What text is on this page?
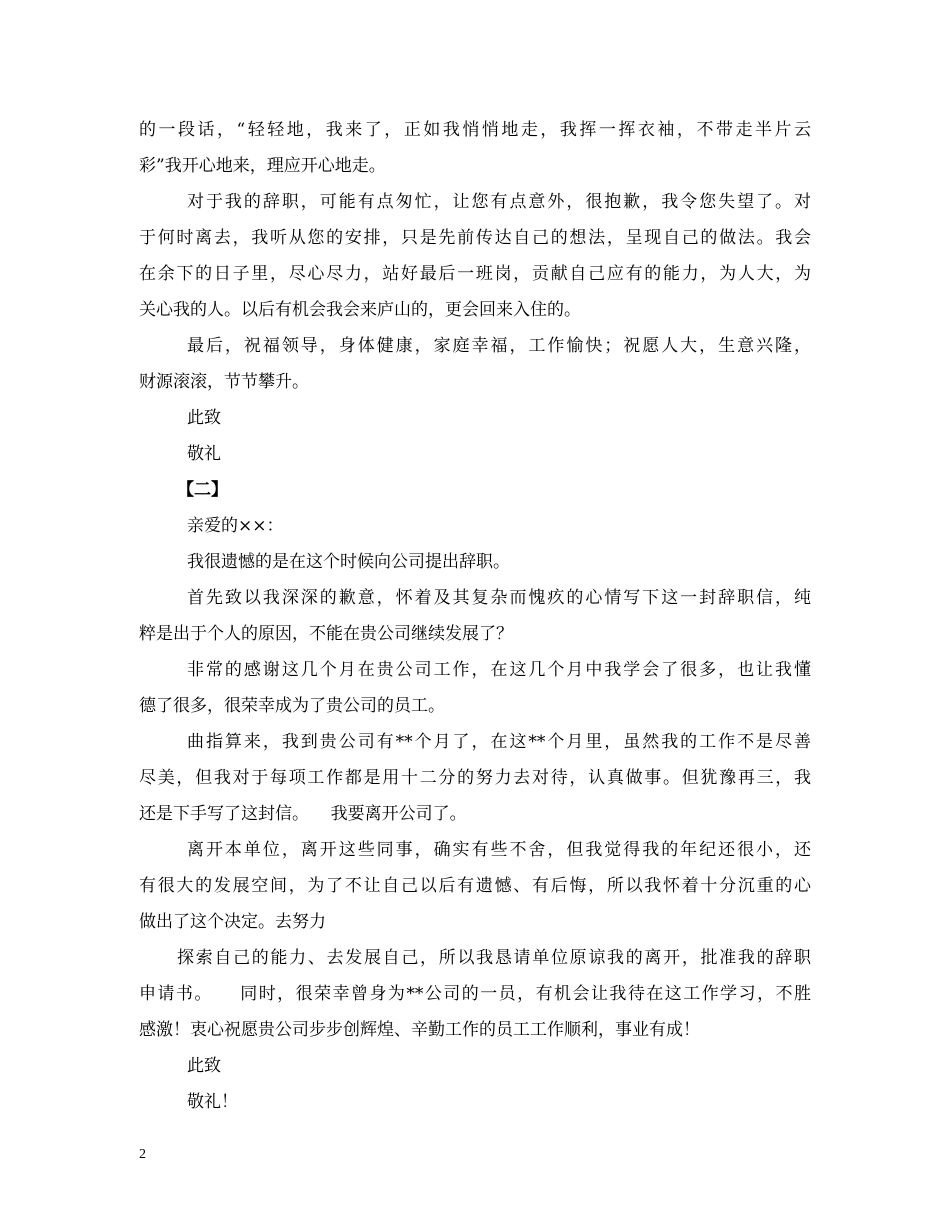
的一段话，“轻轻地，我来了，正如我悄悄地走，我挥一挥衣袖，不带走半片云
彩”我开心地来，理应开心地走。
对于我的辞职，可能有点匆忙，让您有点意外，很抱歉，我令您失望了。对
于何时离去，我听从您的安排，只是先前传达自己的想法，呈现自己的做法。我会
在余下的日子里，尽心尽力，站好最后一班岗，贡献自己应有的能力，为人大，为
关心我的人。以后有机会我会来庐山的，更会回来入住的。
最后，祝福领导，身体健康，家庭幸福，工作愉快；祝愿人大，生意兴隆，
财源滚滚，节节攀升。
此致
敬礼
【二】
亲爱的××：
我很遗憾的是在这个时候向公司提出辞职。
首先致以我深深的歉意，怀着及其复杂而愧疚的心情写下这一封辞职信，纯
粹是出于个人的原因，不能在贵公司继续发展了？
非常的感谢这几个月在贵公司工作，在这几个月中我学会了很多，也让我懂
德了很多，很荣幸成为了贵公司的员工。
曲指算来，我到贵公司有**个月了，在这**个月里，虽然我的工作不是尽善
尽美，但我对于每项工作都是用十二分的努力去对待，认真做事。但犹豫再三，我
还是下手写了这封信。    我要离开公司了。
离开本单位，离开这些同事，确实有些不舍，但我觉得我的年纪还很小，还
有很大的发展空间，为了不让自己以后有遗憾、有后悔，所以我怀着十分沉重的心
做出了这个决定。去努力
探索自己的能力、去发展自己，所以我恳请单位原谅我的离开，批准我的辞职
申请书。    同时，很荣幸曾身为**公司的一员，有机会让我待在这工作学习，不胜
感激！衷心祝愿贵公司步步创辉煌、辛勤工作的员工工作顺利，事业有成！
此致
敬礼！
2
